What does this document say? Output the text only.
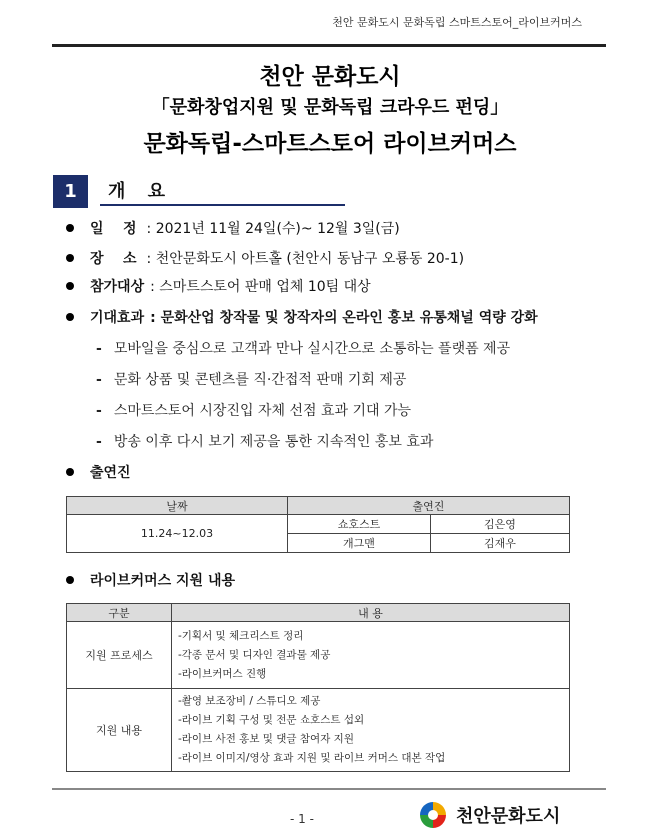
천안 문화도시 문화독립 스마트스토어_라이브커머스
천안 문화도시
「문화창업지원 및 문화독립 크라우드 펀딩」
문화독립-스마트스토어 라이브커머스
1	개 요
일    정 : 2021년 11월 24일(수)~ 12월 3일(금)
장    소 : 천안문화도시 아트홀 (천안시 동남구 오룡동 20-1)
참가대상 : 스마트스토어 판매 업체 10팀 대상
기대효과 : 문화산업 창작물 및 창작자의 온라인 홍보 유통채널 역량 강화
- 모바일을 중심으로 고객과 만나 실시간으로 소통하는 플랫폼 제공
- 문화 상품 및 콘텐츠를 직·간접적 판매 기회 제공
- 스마트스토어 시장진입 자체 선점 효과 기대 가능
- 방송 이후 다시 보기 제공을 통한 지속적인 홍보 효과
출연진
날짜	출연진	
11.24~12.03	쇼호스트	김은영
	개그맨	김재우
라이브커머스 지원 내용
구분	내 용
지원 프로세스	-기획서 및 체크리스트 정리
-각종 문서 및 디자인 결과물 제공
-라이브커머스 진행

지원 내용	-촬영 보조장비 / 스튜디오 제공
-라이브 기획 구성 및 전문 쇼호스트 섭외
-라이브 사전 홍보 및 댓글 참여자 지원
-라이브 이미지/영상 효과 지원 및 라이브 커머스 대본 작업
- 1 -	천안문화도시
